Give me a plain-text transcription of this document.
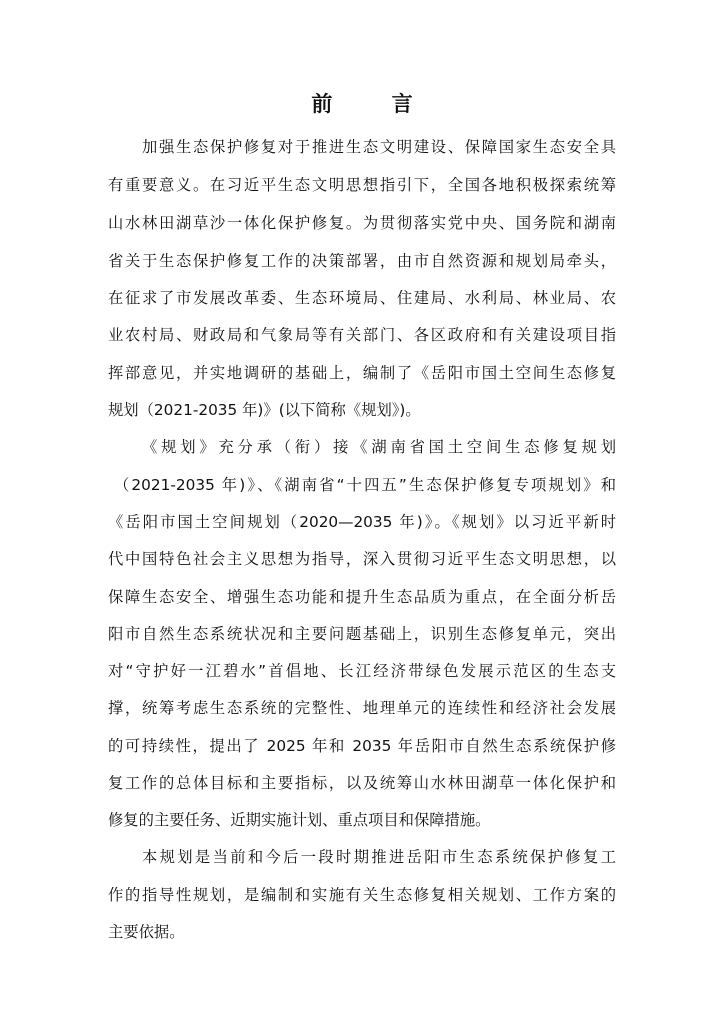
前 言
加强生态保护修复对于推进生态文明建设、保障国家生态安全具
有重要意义。在习近平生态文明思想指引下，全国各地积极探索统筹
山水林田湖草沙一体化保护修复。为贯彻落实党中央、国务院和湖南
省关于生态保护修复工作的决策部署，由市自然资源和规划局牵头，
在征求了市发展改革委、生态环境局、住建局、水利局、林业局、农
业农村局、财政局和气象局等有关部门、各区政府和有关建设项目指
挥部意见，并实地调研的基础上，编制了《岳阳市国土空间生态修复
规划（2021-2035 年)》(以下简称《规划》)。
《规划》充分承（衔）接《湖南省国土空间生态修复规划
（2021-2035 年)》、《湖南省“十四五”生态保护修复专项规划》和
《岳阳市国土空间规划（2020—2035 年)》。《规划》以习近平新时
代中国特色社会主义思想为指导，深入贯彻习近平生态文明思想，以
保障生态安全、增强生态功能和提升生态品质为重点，在全面分析岳
阳市自然生态系统状况和主要问题基础上，识别生态修复单元，突出
对“守护好一江碧水”首倡地、长江经济带绿色发展示范区的生态支
撑，统筹考虑生态系统的完整性、地理单元的连续性和经济社会发展
的可持续性，提出了 2025 年和 2035 年岳阳市自然生态系统保护修
复工作的总体目标和主要指标，以及统筹山水林田湖草一体化保护和
修复的主要任务、近期实施计划、重点项目和保障措施。
本规划是当前和今后一段时期推进岳阳市生态系统保护修复工
作的指导性规划，是编制和实施有关生态修复相关规划、工作方案的
主要依据。
